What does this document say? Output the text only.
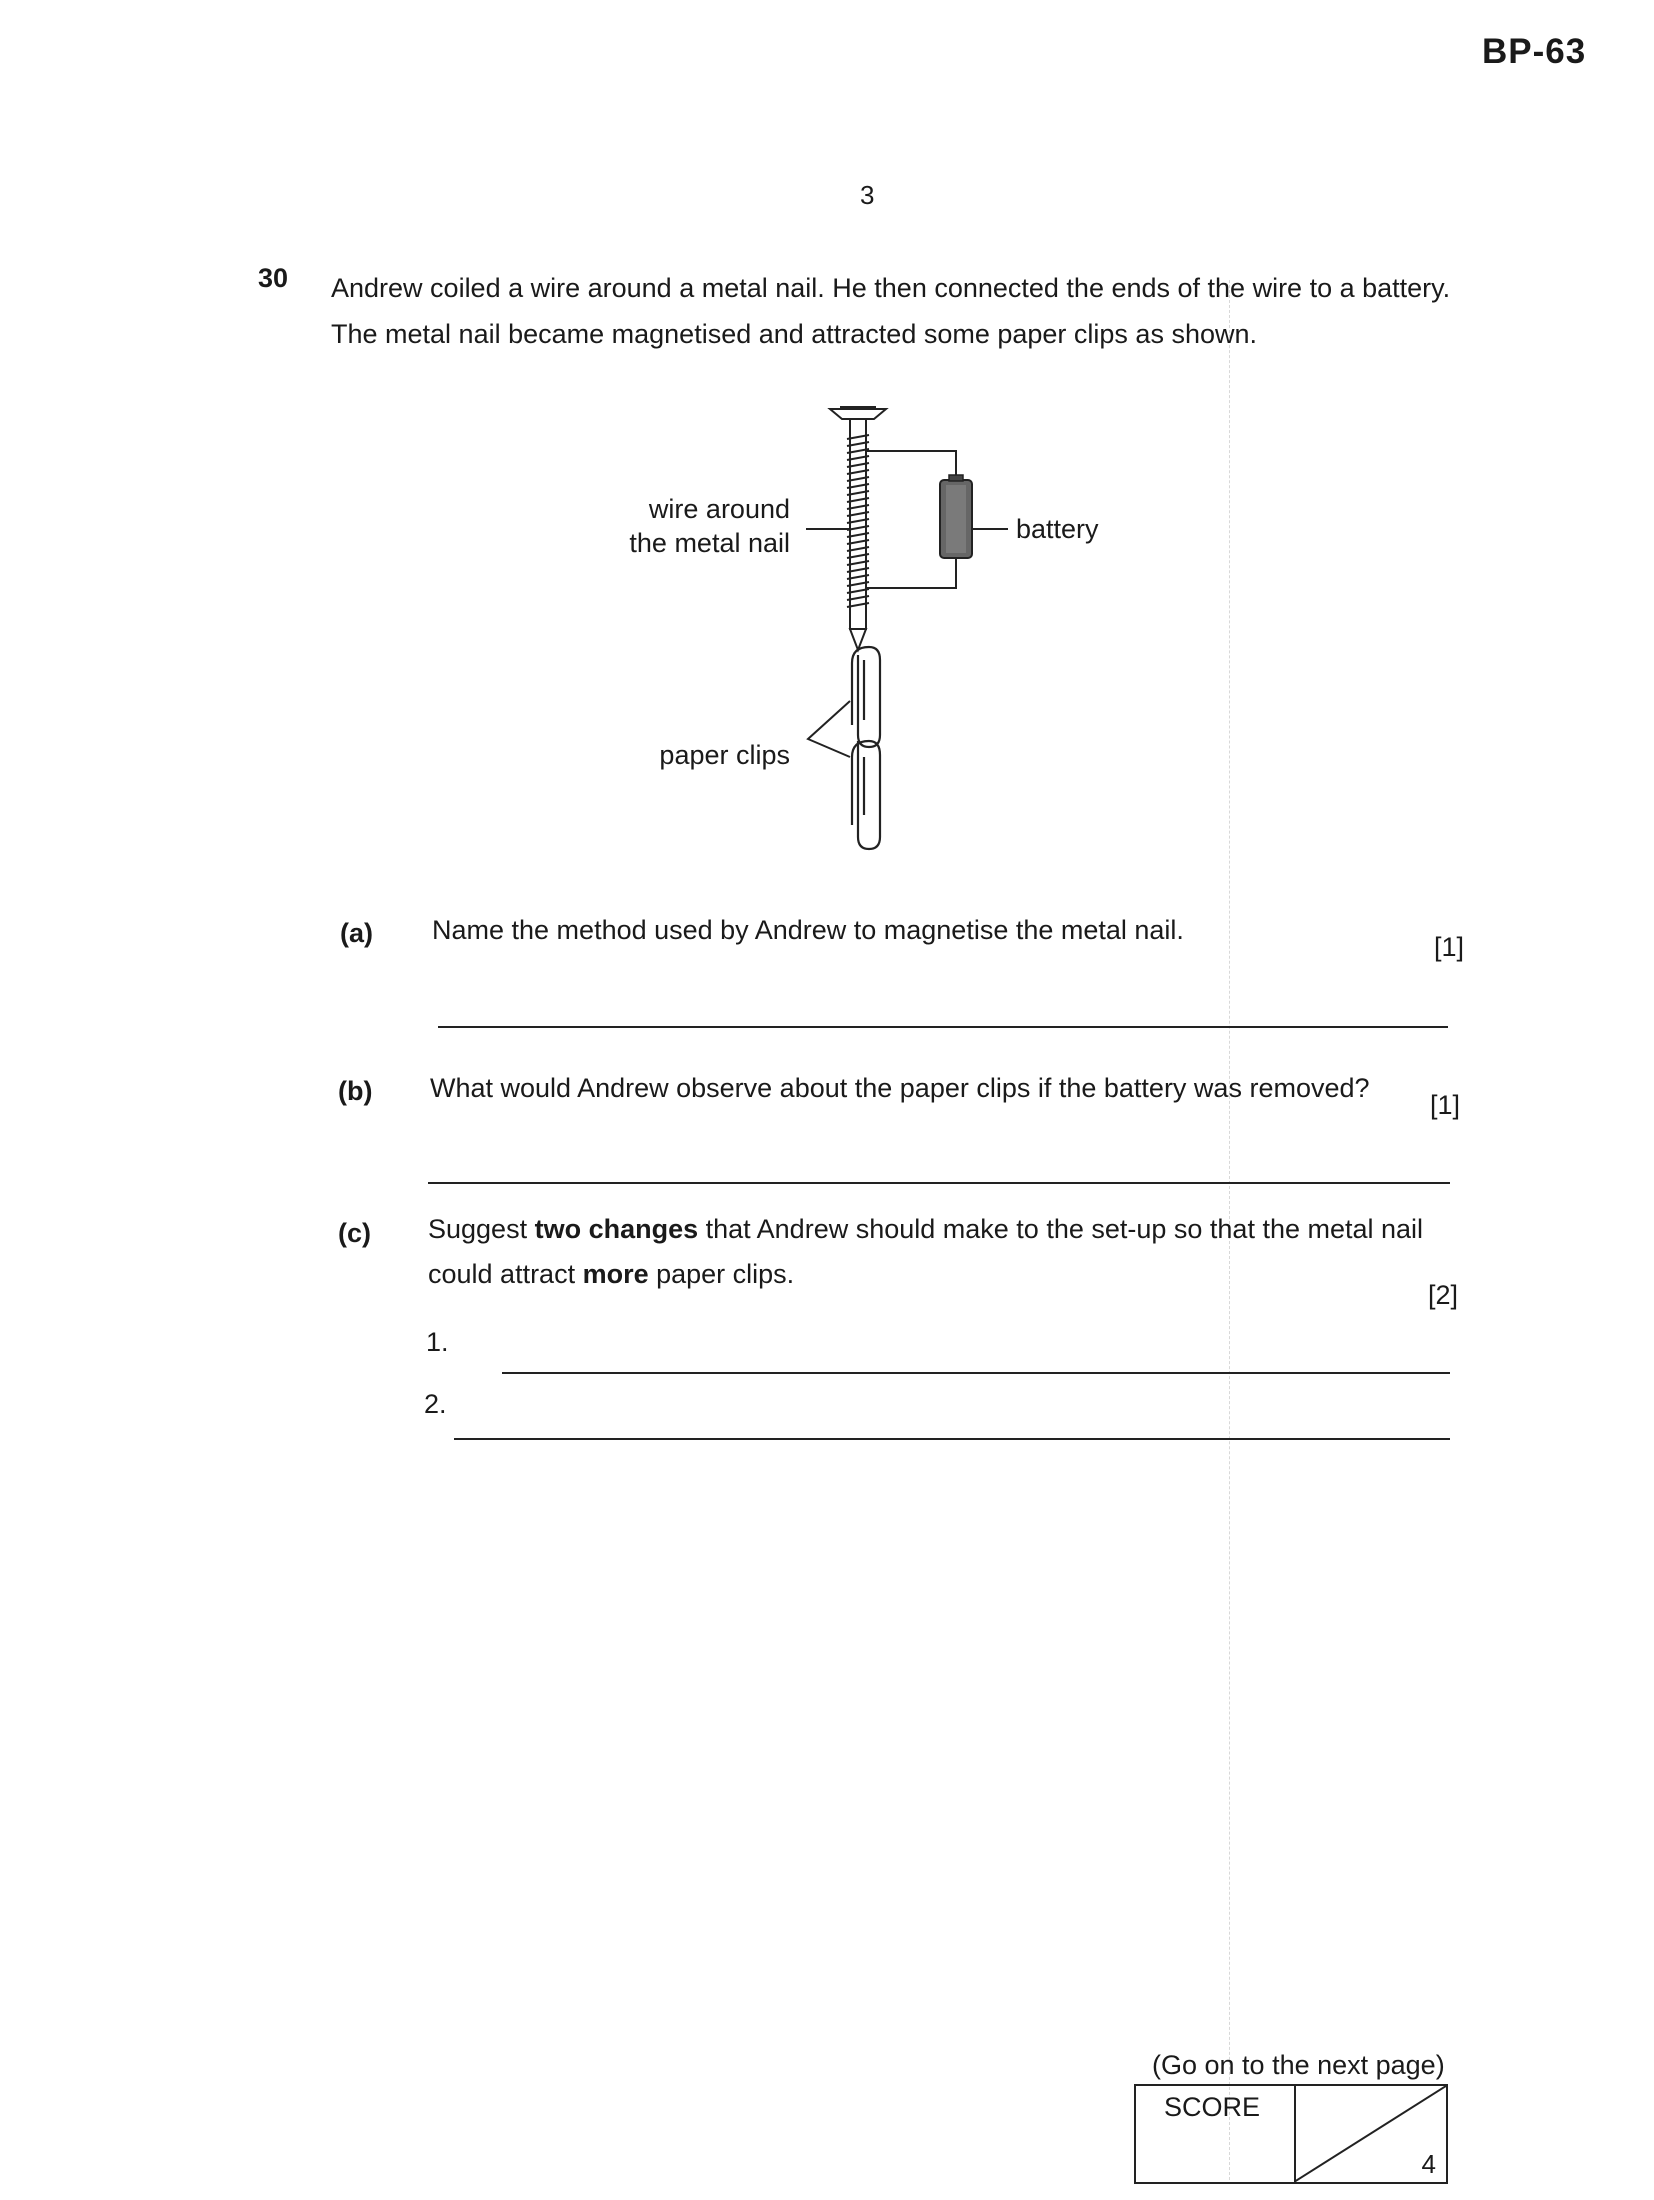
BP-63
3
30 Andrew coiled a wire around a metal nail. He then connected the ends of the wire to a battery.

The metal nail became magnetised and attracted some paper clips as shown.

wire around
the metal nail	battery
paper clips
(a) Name the method used by Andrew to magnetise the metal nail.
[1]
(b) What would Andrew observe about the paper clips if the battery was removed?
[1]
(c) Suggest two changes that Andrew should make to the set-up so that the metal nail
could attract more paper clips.
[2]
1.
2.
(Go on to the next page)
SCORE
4
